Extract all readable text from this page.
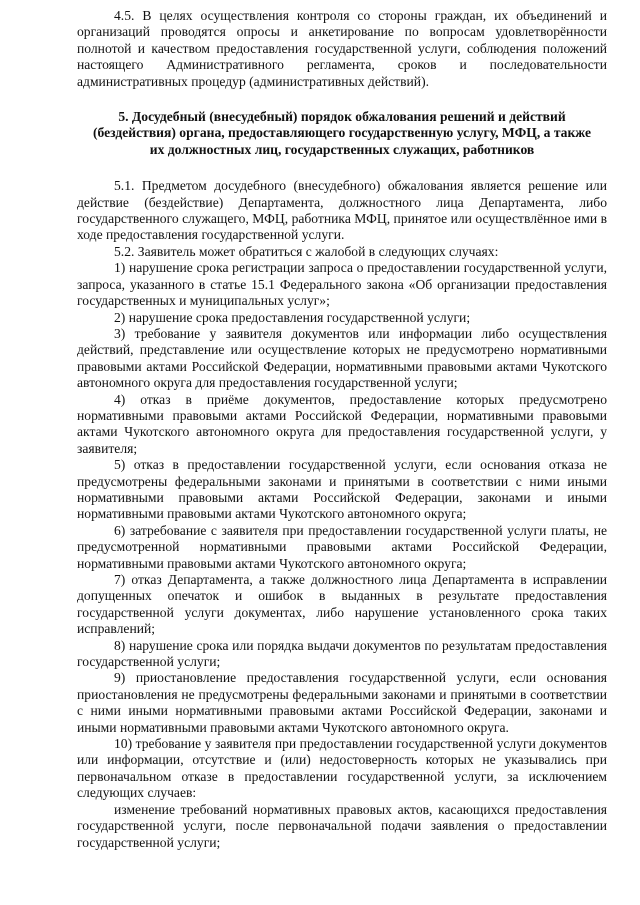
4.5. В целях осуществления контроля со стороны граждан, их объединений и организаций проводятся опросы и анкетирование по вопросам удовлетворённости полнотой и качеством предоставления государственной услуги, соблюдения положений настоящего Административного регламента, сроков и последовательности административных процедур (административных действий).

5. Досудебный (внесудебный) порядок обжалования решений и действий (бездействия) органа, предоставляющего государственную услугу, МФЦ, а также их должностных лиц, государственных служащих, работников

5.1. Предметом досудебного (внесудебного) обжалования является решение или действие (бездействие) Департамента, должностного лица Департамента, либо государственного служащего, МФЦ, работника МФЦ, принятое или осуществлённое ими в ходе предоставления государственной услуги.

5.2. Заявитель может обратиться с жалобой в следующих случаях:

1) нарушение срока регистрации запроса о предоставлении государственной услуги, запроса, указанного в статье 15.1 Федерального закона «Об организации предоставления государственных и муниципальных услуг»;

2) нарушение срока предоставления государственной услуги;

3) требование у заявителя документов или информации либо осуществления действий, представление или осуществление которых не предусмотрено нормативными правовыми актами Российской Федерации, нормативными правовыми актами Чукотского автономного округа для предоставления государственной услуги;

4) отказ в приёме документов, предоставление которых предусмотрено нормативными правовыми актами Российской Федерации, нормативными правовыми актами Чукотского автономного округа для предоставления государственной услуги, у заявителя;

5) отказ в предоставлении государственной услуги, если основания отказа не предусмотрены федеральными законами и принятыми в соответствии с ними иными нормативными правовыми актами Российской Федерации, законами и иными нормативными правовыми актами Чукотского автономного округа;

6) затребование с заявителя при предоставлении государственной услуги платы, не предусмотренной нормативными правовыми актами Российской Федерации, нормативными правовыми актами Чукотского автономного округа;

7) отказ Департамента, а также должностного лица Департамента в исправлении допущенных опечаток и ошибок в выданных в результате предоставления государственной услуги документах, либо нарушение установленного срока таких исправлений;

8) нарушение срока или порядка выдачи документов по результатам предоставления государственной услуги;

9) приостановление предоставления государственной услуги, если основания приостановления не предусмотрены федеральными законами и принятыми в соответствии с ними иными нормативными правовыми актами Российской Федерации, законами и иными нормативными правовыми актами Чукотского автономного округа.

10) требование у заявителя при предоставлении государственной услуги документов или информации, отсутствие и (или) недостоверность которых не указывались при первоначальном отказе в предоставлении государственной услуги, за исключением следующих случаев:

изменение требований нормативных правовых актов, касающихся предоставления государственной услуги, после первоначальной подачи заявления о предоставлении государственной услуги;
